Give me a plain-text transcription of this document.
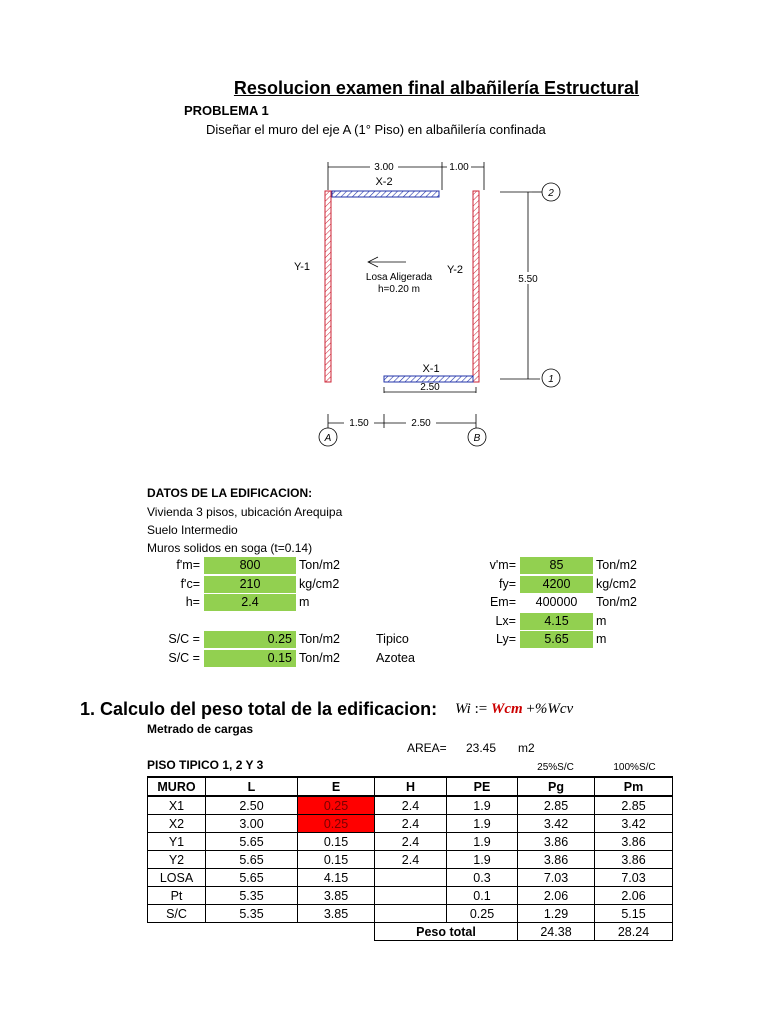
Resolucion examen final albañilería Estructural
PROBLEMA 1
Diseñar el muro del eje A (1° Piso) en albañilería confinada
3.00	1.00
X-2
Y-1	Y-2
Losa Aligerada
h=0.20 m
5.50
2
1
X-1
2.50
1.50	2.50
A	B
DATOS DE LA EDIFICACION:
Vivienda 3 pisos, ubicación Arequipa
Suelo Intermedio
Muros solidos en soga (t=0.14)
f'm=	800	Ton/m2
f'c=	210	kg/cm2
h=	2.4	m
S/C =	0.25 Ton/m2	Tipico
S/C =	0.15 Ton/m2	Azotea
v'm=	85	Ton/m2
fy=	4200	kg/cm2
Em=	400000	Ton/m2
Lx=	4.15	m
Ly=	5.65	m
1. Calculo del peso total de la edificacion: Wi := Wcm +%Wcv
Metrado de cargas
AREA= 23.45 m2
PISO TIPICO 1, 2 Y 3	25%S/C	100%S/C
MURO	L	E	H	PE	Pg	Pm
X1	2.50	0.25	2.4	1.9	2.85	2.85
X2	3.00	0.25	2.4	1.9	3.42	3.42
Y1	5.65	0.15	2.4	1.9	3.86	3.86
Y2	5.65	0.15	2.4	1.9	3.86	3.86
LOSA	5.65	4.15		0.3	7.03	7.03
Pt	5.35	3.85		0.1	2.06	2.06
S/C	5.35	3.85		0.25	1.29	5.15
			Peso total		24.38	28.24
